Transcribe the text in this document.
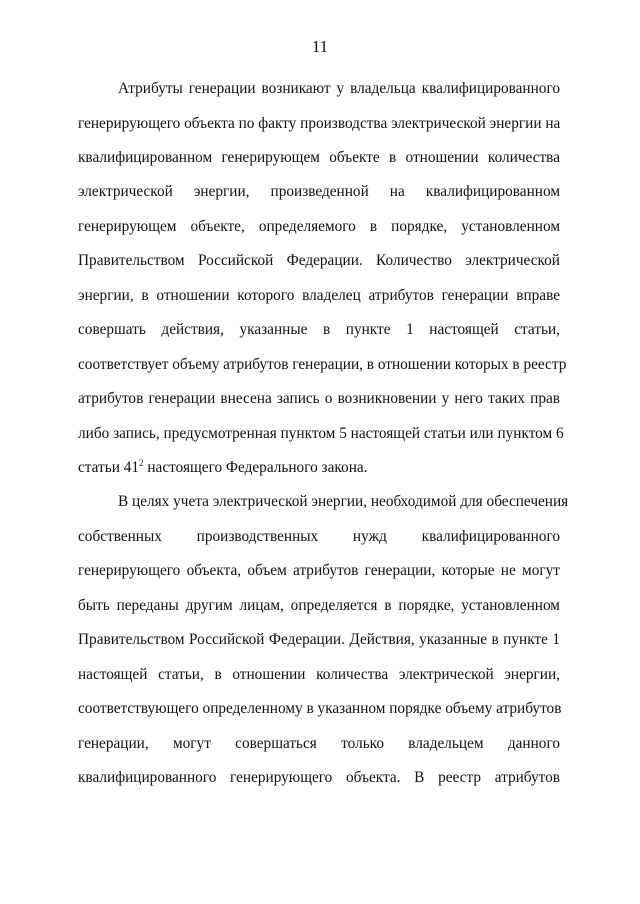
11
Атрибуты генерации возникают у владельца квалифицированного
генерирующего объекта по факту производства электрической энергии на
квалифицированном генерирующем объекте в отношении количества
электрической энергии, произведенной на квалифицированном
генерирующем объекте, определяемого в порядке, установленном
Правительством Российской Федерации. Количество электрической
энергии, в отношении которого владелец атрибутов генерации вправе
совершать действия, указанные в пункте 1 настоящей статьи,
соответствует объему атрибутов генерации, в отношении которых в реестр
атрибутов генерации внесена запись о возникновении у него таких прав
либо запись, предусмотренная пунктом 5 настоящей статьи или пунктом 6
статьи $41^2$ настоящего Федерального закона.
В целях учета электрической энергии, необходимой для обеспечения
собственных производственных нужд квалифицированного
генерирующего объекта, объем атрибутов генерации, которые не могут
быть переданы другим лицам, определяется в порядке, установленном
Правительством Российской Федерации. Действия, указанные в пункте 1
настоящей статьи, в отношении количества электрической энергии,
соответствующего определенному в указанном порядке объему атрибутов
генерации, могут совершаться только владельцем данного
квалифицированного генерирующего объекта. В реестр атрибутов
